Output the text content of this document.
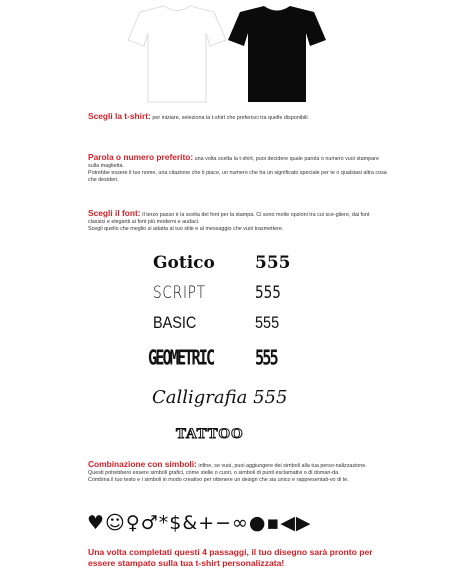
Scegli la t-shirt: per iniziare, seleziona la t-shirt che preferisci tra quelle disponibili.
Parola o numero preferito: una volta scelta la t-shirt, puoi decidere quale parola o numero vuoi stampare sulla maglietta.
Potrebbe essere il tuo nome, una citazione che ti piace, un numero che ha un significato speciale per te o qualsiasi altra cosa che desideri.
Scegli il font: Il terzo passo è la scelta del font per la stampa. Ci sono molte opzioni tra cui sce-gliere, dai font classici e eleganti ai font più moderni e audaci.
Scegli quello che meglio si adatta al tuo stile e al messaggio che vuoi trasmettere.
Gotico 555
SCRIPT	555
BASIC	555
GEOMETRIC	555
Calligrafia 555
TATTOO
Combinazione con simboli: infine, se vuoi, puoi aggiungere dei simboli alla tua perso-nalizzazione.
Questi potrebbero essere simboli grafici, come stelle o cuori, o simboli di punti esclamativi o di doman-da.
Combina il tuo testo e i simboli in modo creativo per ottenere un design che sia unico e rappresentati-vo di te.
♥☺♀♂*$&+−∞●▪◀▶
Una volta completati questi 4 passaggi, il tuo disegno sarà pronto per essere stampato sulla tua t-shirt personalizzata!
